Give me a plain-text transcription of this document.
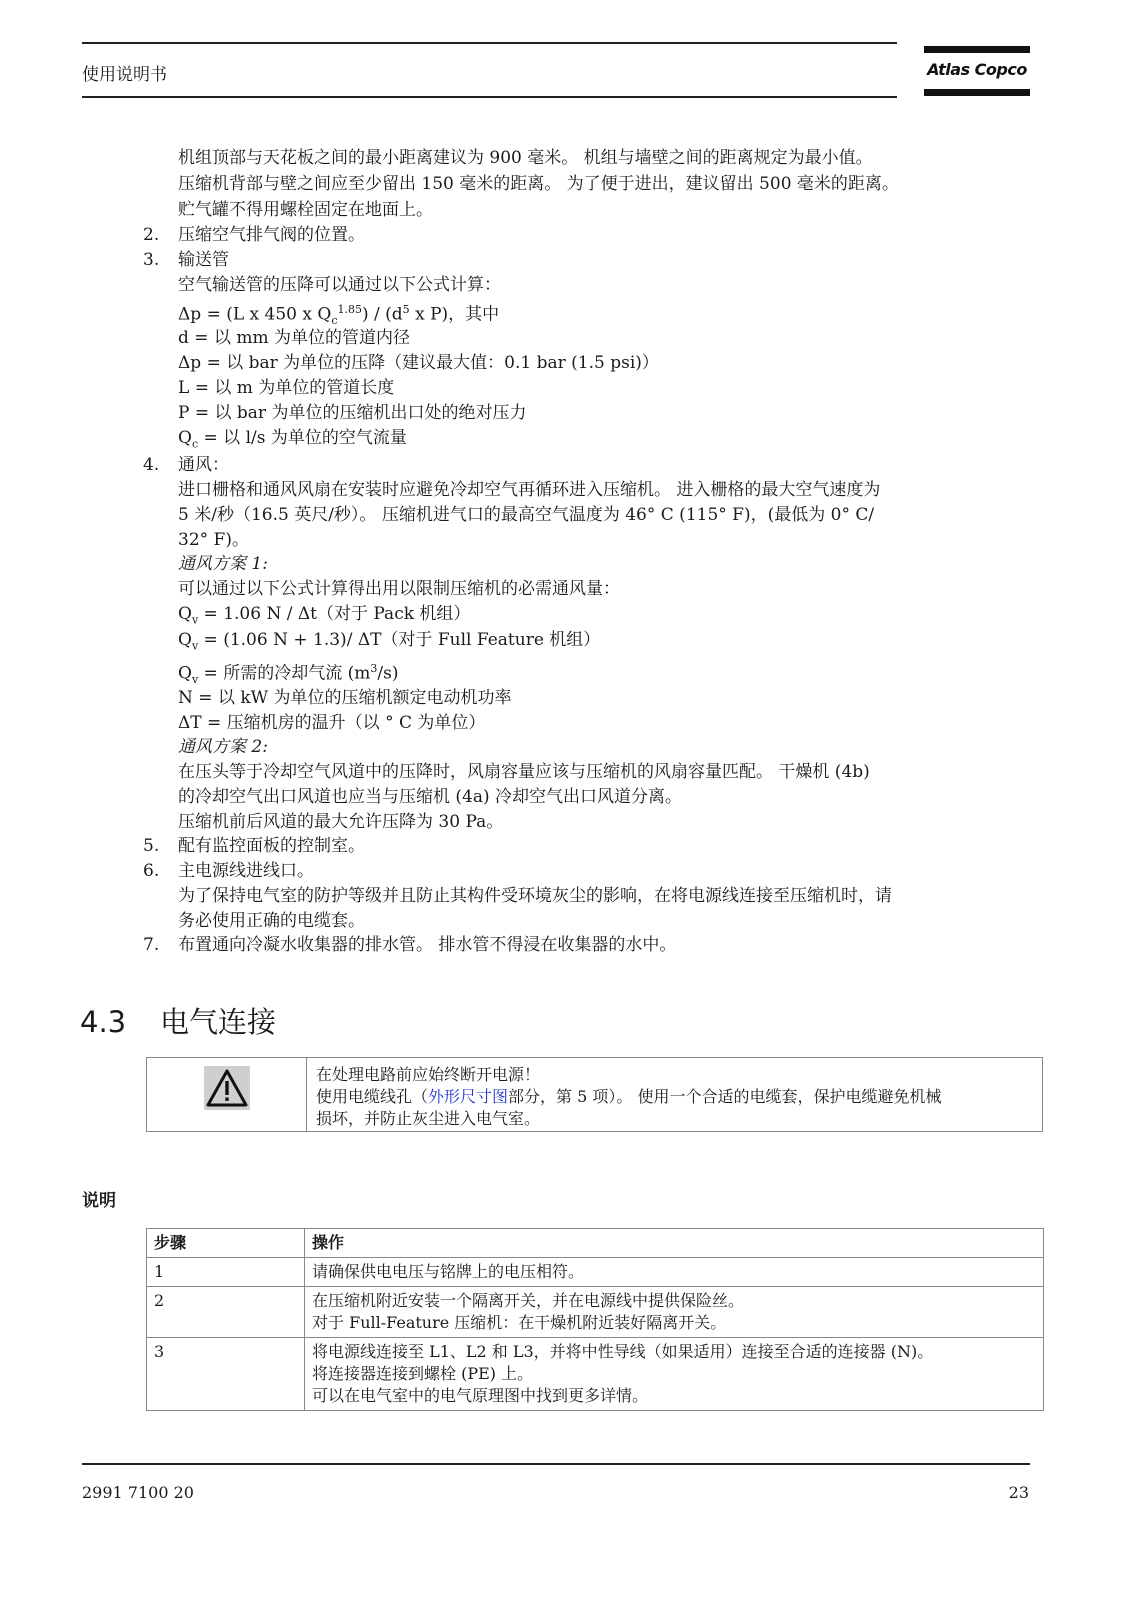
使用说明书	Atlas Copco
机组顶部与天花板之间的最小距离建议为 900 毫米。 机组与墙壁之间的距离规定为最小值。
压缩机背部与壁之间应至少留出 150 毫米的距离。 为了便于进出，建议留出 500 毫米的距离。
贮气罐不得用螺栓固定在地面上。
2. 压缩空气排气阀的位置。
3. 输送管
空气输送管的压降可以通过以下公式计算：
Δp = (L x 450 x $Q_c^{1.85}) / (d^5$ x P)，其中
d = 以 mm 为单位的管道内径
Δp = 以 bar 为单位的压降（建议最大值：0.1 bar (1.5 psi)）
L = 以 m 为单位的管道长度
P = 以 bar 为单位的压缩机出口处的绝对压力
$Q_c$ = 以 l/s 为单位的空气流量
4. 通风：
进口栅格和通风风扇在安装时应避免冷却空气再循环进入压缩机。 进入栅格的最大空气速度为
5 米/秒（16.5 英尺/秒）。 压缩机进气口的最高空气温度为 46° C (115° F)，(最低为 0° C/
32° F)。
通风方案 1:
可以通过以下公式计算得出用以限制压缩机的必需通风量：
$Q_v = 1.06$ N / Δt（对于 Pack 机组）
$Q_v = (1.06$ N + 1.3)/ ΔT（对于 Full Feature 机组）
$Q_v$ = 所需的冷却气流 $(m^3/s)$
N = 以 kW 为单位的压缩机额定电动机功率
ΔT = 压缩机房的温升（以 ° C 为单位）
通风方案 2:
在压头等于冷却空气风道中的压降时，风扇容量应该与压缩机的风扇容量匹配。 干燥机 (4b)
的冷却空气出口风道也应当与压缩机 (4a) 冷却空气出口风道分离。
压缩机前后风道的最大允许压降为 30 Pa。
5. 配有监控面板的控制室。
6. 主电源线进线口。
为了保持电气室的防护等级并且防止其构件受环境灰尘的影响，在将电源线连接至压缩机时，请
务必使用正确的电缆套。
7. 布置通向冷凝水收集器的排水管。 排水管不得浸在收集器的水中。
4.3 电气连接
在处理电路前应始终断开电源！
使用电缆线孔（外形尺寸图部分，第 5 项）。 使用一个合适的电缆套，保护电缆避免机械
损坏，并防止灰尘进入电气室。
说明
步骤	操作
1	请确保供电电压与铭牌上的电压相符。

2	在压缩机附近安装一个隔离开关，并在电源线中提供保险丝。
对于 Full-Feature 压缩机：在干燥机附近装好隔离开关。

3	将电源线连接至 L1、L2 和 L3，并将中性导线（如果适用）连接至合适的连接器 (N)。
将连接器连接到螺栓 (PE) 上。
可以在电气室中的电气原理图中找到更多详情。
2991 7100 20	23
